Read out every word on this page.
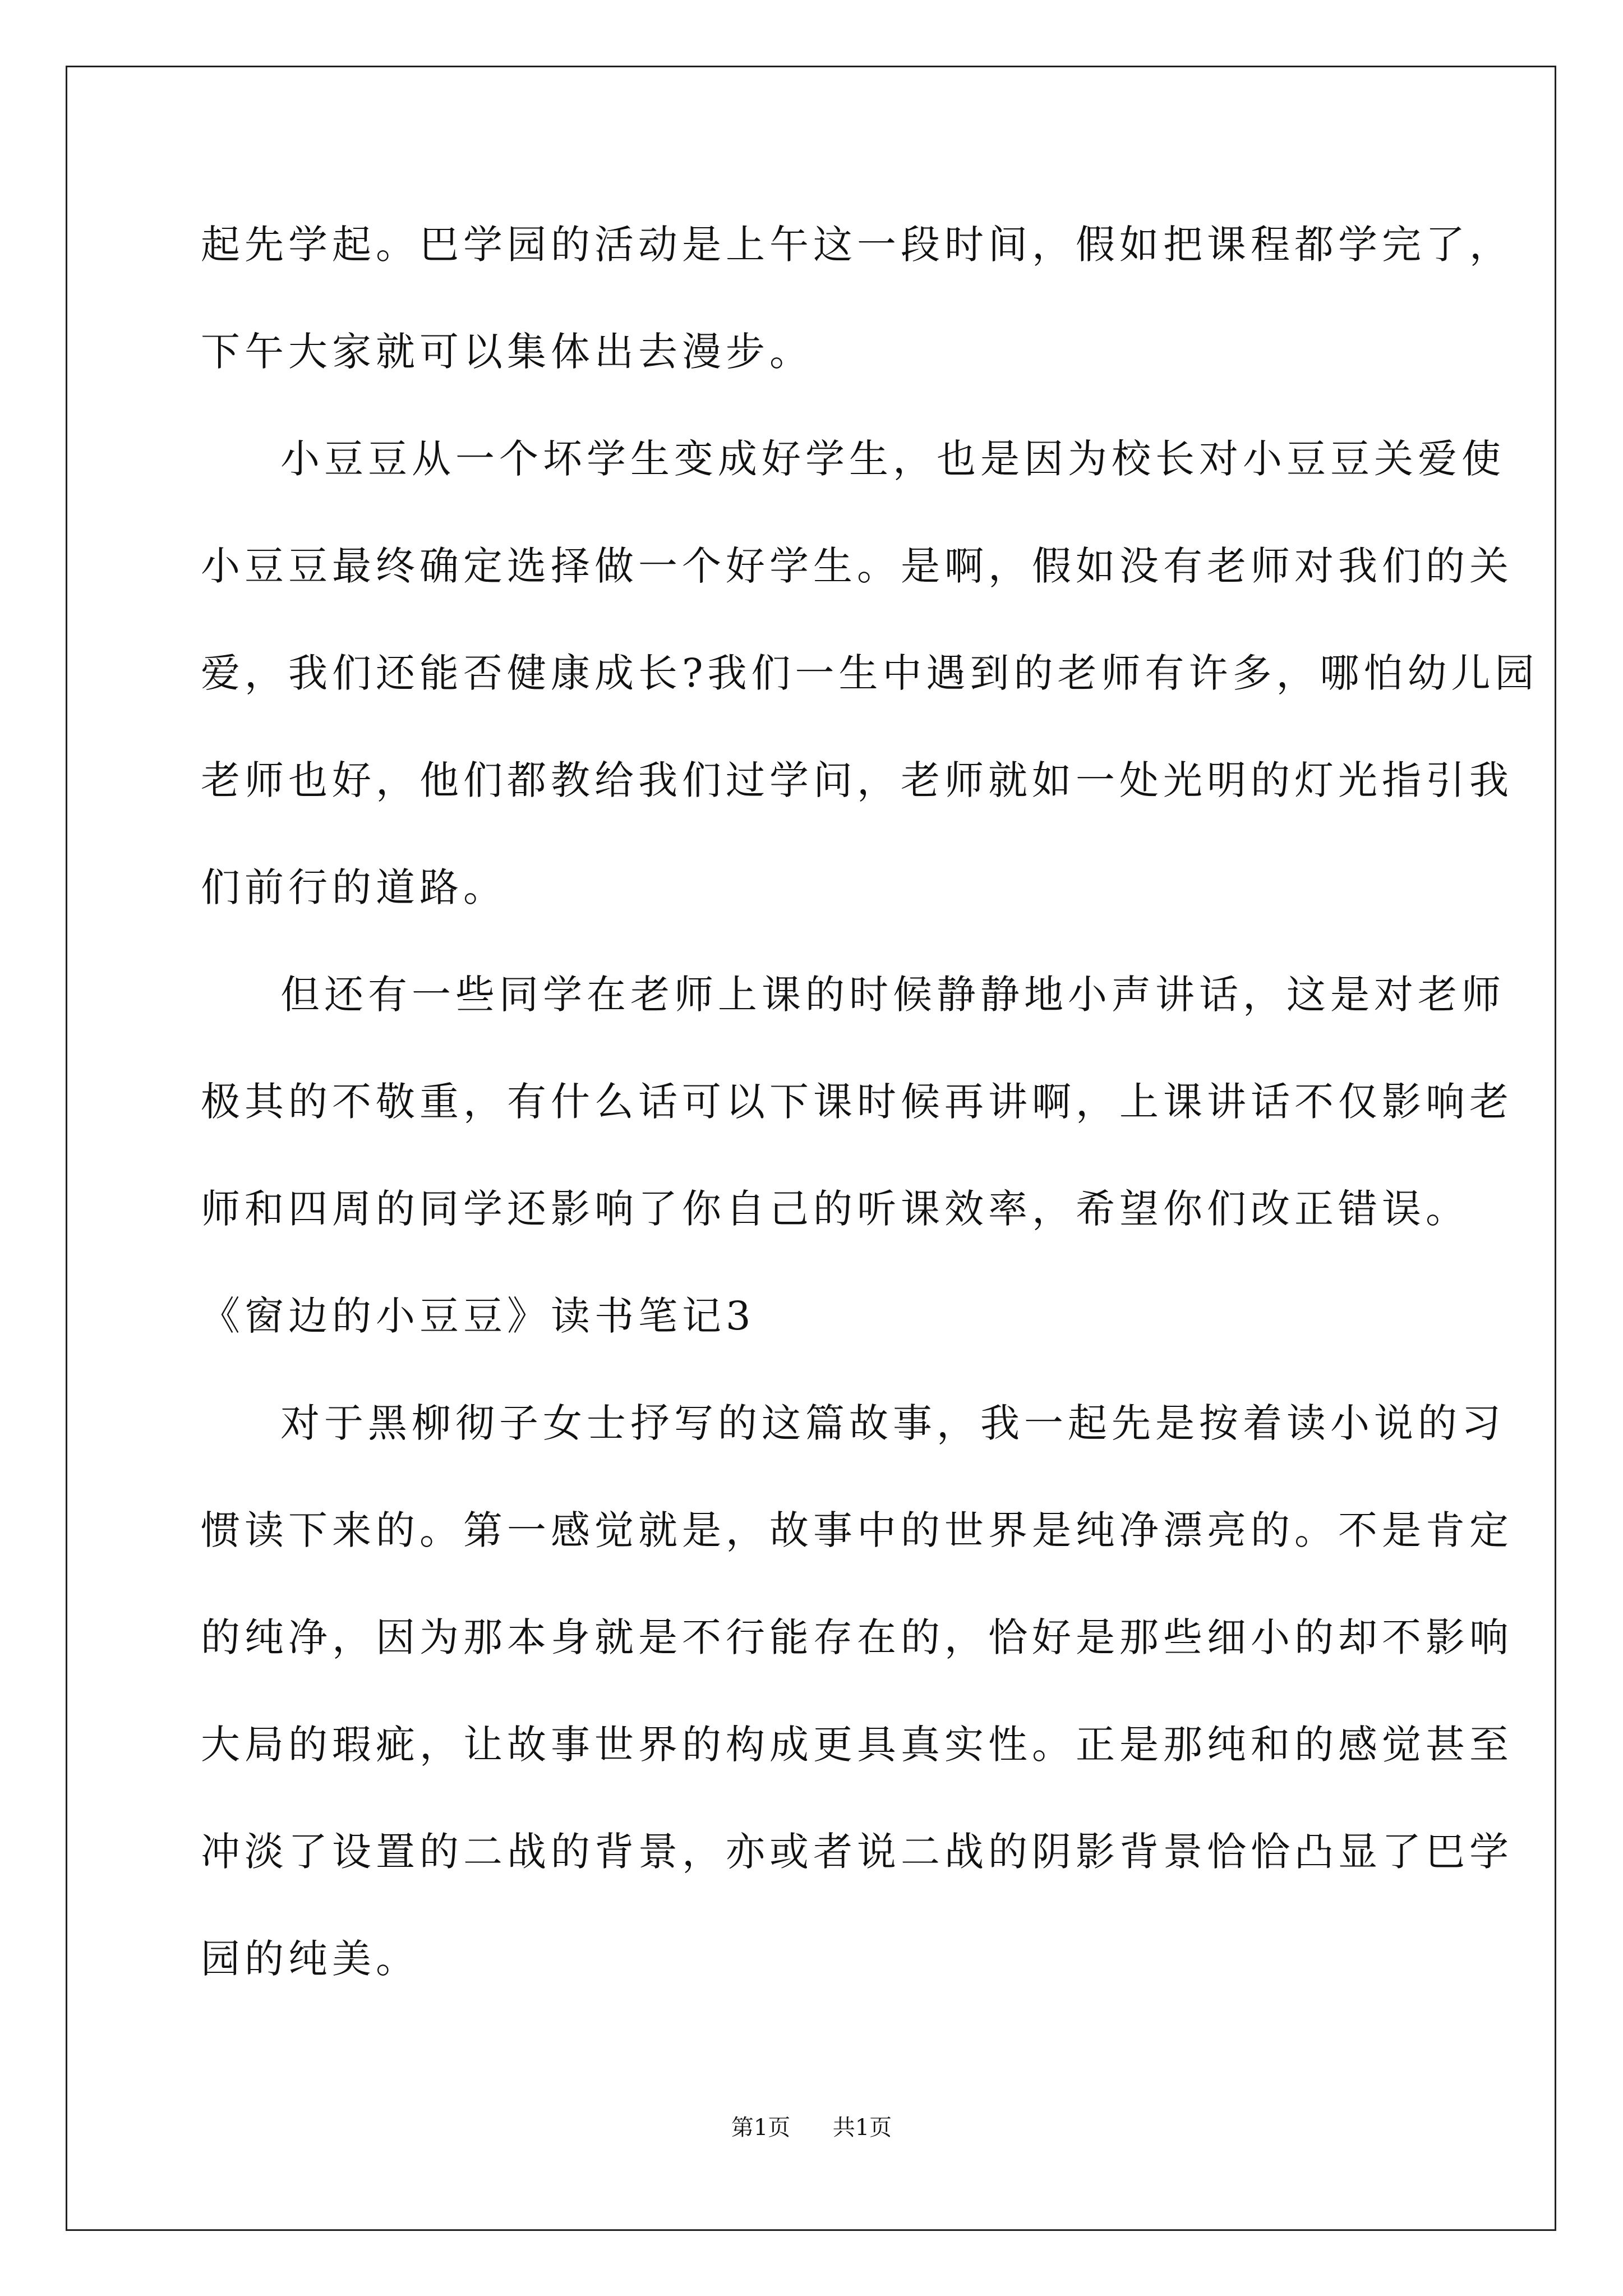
起先学起。巴学园的活动是上午这一段时间，假如把课程都学完了，
下午大家就可以集体出去漫步。
小豆豆从一个坏学生变成好学生，也是因为校长对小豆豆关爱使
小豆豆最终确定选择做一个好学生。是啊，假如没有老师对我们的关
爱，我们还能否健康成长?我们一生中遇到的老师有许多，哪怕幼儿园
老师也好，他们都教给我们过学问，老师就如一处光明的灯光指引我
们前行的道路。
但还有一些同学在老师上课的时候静静地小声讲话，这是对老师
极其的不敬重，有什么话可以下课时候再讲啊，上课讲话不仅影响老
师和四周的同学还影响了你自己的听课效率，希望你们改正错误。
《窗边的小豆豆》读书笔记3
对于黑柳彻子女士抒写的这篇故事，我一起先是按着读小说的习
惯读下来的。第一感觉就是，故事中的世界是纯净漂亮的。不是肯定
的纯净，因为那本身就是不行能存在的，恰好是那些细小的却不影响
大局的瑕疵，让故事世界的构成更具真实性。正是那纯和的感觉甚至
冲淡了设置的二战的背景，亦或者说二战的阴影背景恰恰凸显了巴学
园的纯美。
第1页 共1页
